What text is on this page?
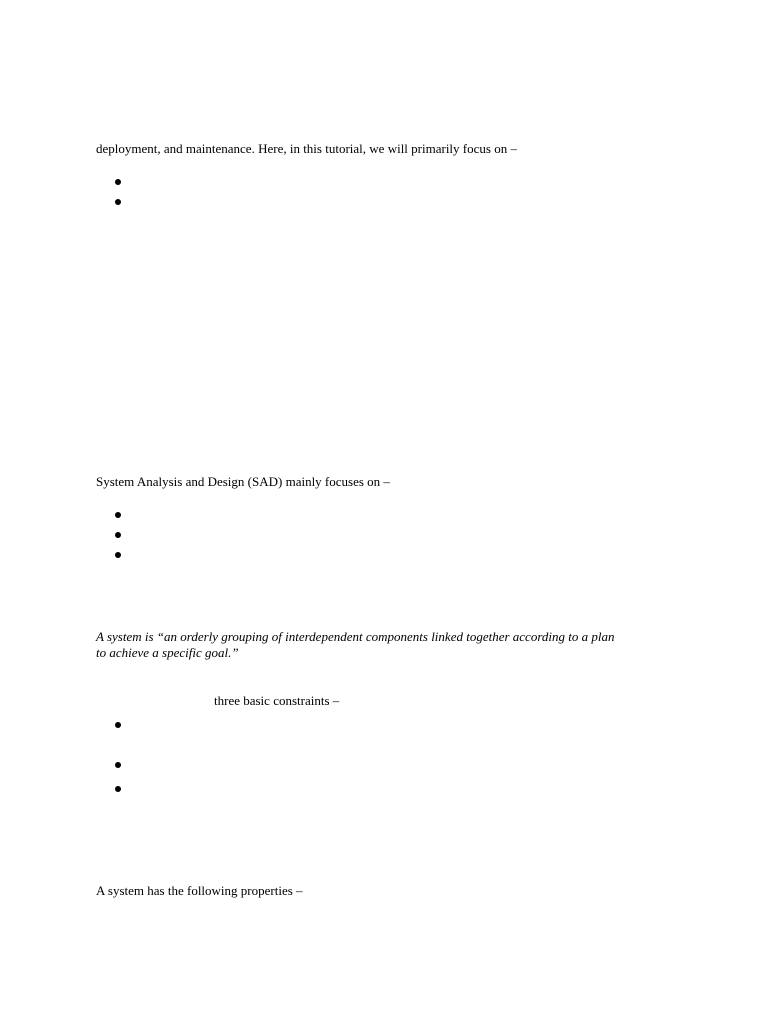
deployment, and maintenance. Here, in this tutorial, we will primarily focus on –
System Analysis and Design (SAD) mainly focuses on –
A system is “an orderly grouping of interdependent components linked together according to a plan
to achieve a specific goal.”
three basic constraints –
A system has the following properties –
